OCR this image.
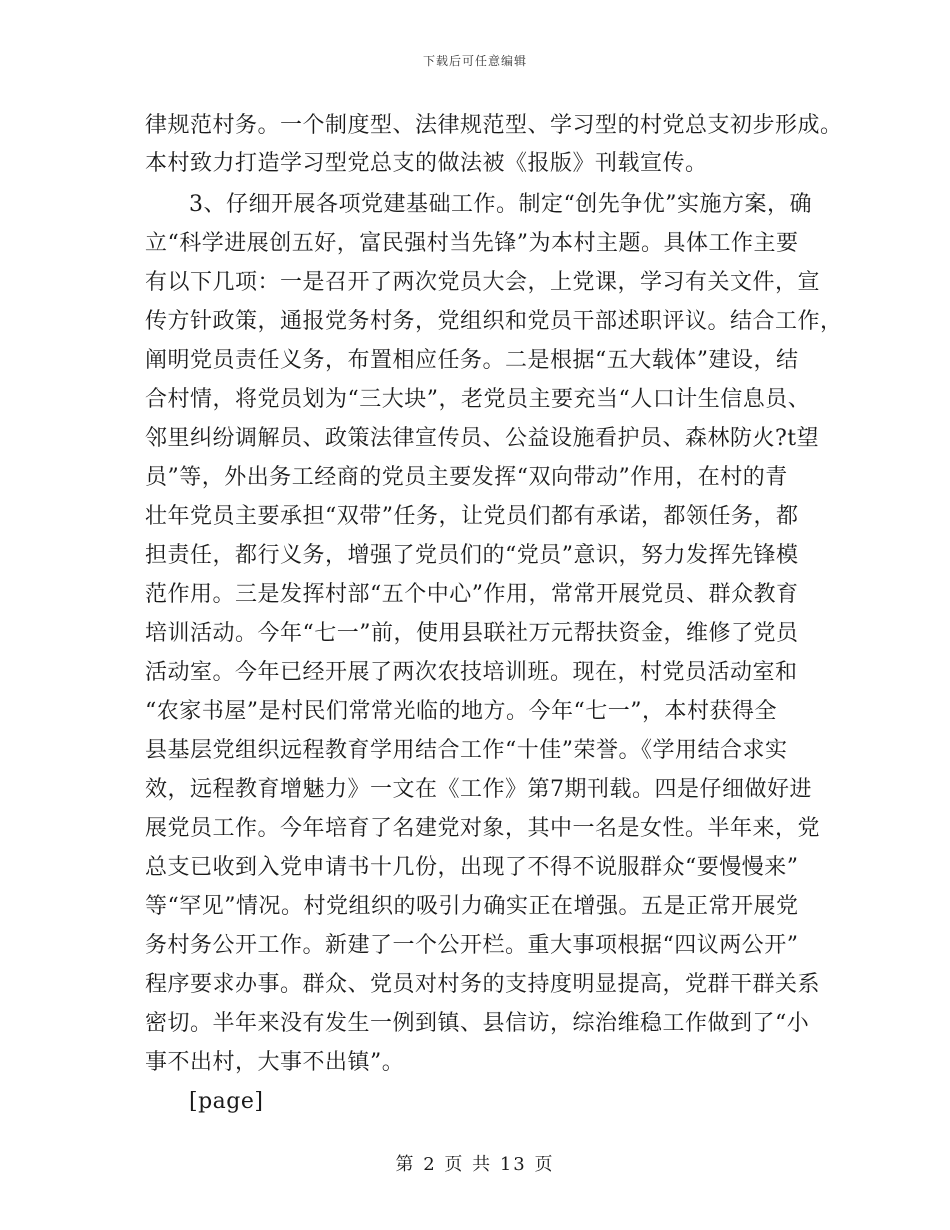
下载后可任意编辑
律规范村务。一个制度型、法律规范型、学习型的村党总支初步形成。
本村致力打造学习型党总支的做法被《报版》刊载宣传。
3、仔细开展各项党建基础工作。制定“创先争优”实施方案，确
立“科学进展创五好，富民强村当先锋”为本村主题。具体工作主要
有以下几项：一是召开了两次党员大会，上党课，学习有关文件，宣
传方针政策，通报党务村务，党组织和党员干部述职评议。结合工作，
阐明党员责任义务，布置相应任务。二是根据“五大载体”建设，结
合村情，将党员划为“三大块”，老党员主要充当“人口计生信息员、
邻里纠纷调解员、政策法律宣传员、公益设施看护员、森林防火?t望
员”等，外出务工经商的党员主要发挥“双向带动”作用，在村的青
壮年党员主要承担“双带”任务，让党员们都有承诺，都领任务，都
担责任，都行义务，增强了党员们的“党员”意识，努力发挥先锋模
范作用。三是发挥村部“五个中心”作用，常常开展党员、群众教育
培训活动。今年“七一”前，使用县联社万元帮扶资金，维修了党员
活动室。今年已经开展了两次农技培训班。现在，村党员活动室和
“农家书屋”是村民们常常光临的地方。今年“七一”，本村获得全
县基层党组织远程教育学用结合工作“十佳”荣誉。《学用结合求实
效，远程教育增魅力》一文在《工作》第7期刊载。四是仔细做好进
展党员工作。今年培育了名建党对象，其中一名是女性。半年来，党
总支已收到入党申请书十几份，出现了不得不说服群众“要慢慢来”
等“罕见”情况。村党组织的吸引力确实正在增强。五是正常开展党
务村务公开工作。新建了一个公开栏。重大事项根据“四议两公开”
程序要求办事。群众、党员对村务的支持度明显提高，党群干群关系
密切。半年来没有发生一例到镇、县信访，综治维稳工作做到了“小
事不出村，大事不出镇”。
[page]
第 2 页 共 13 页
